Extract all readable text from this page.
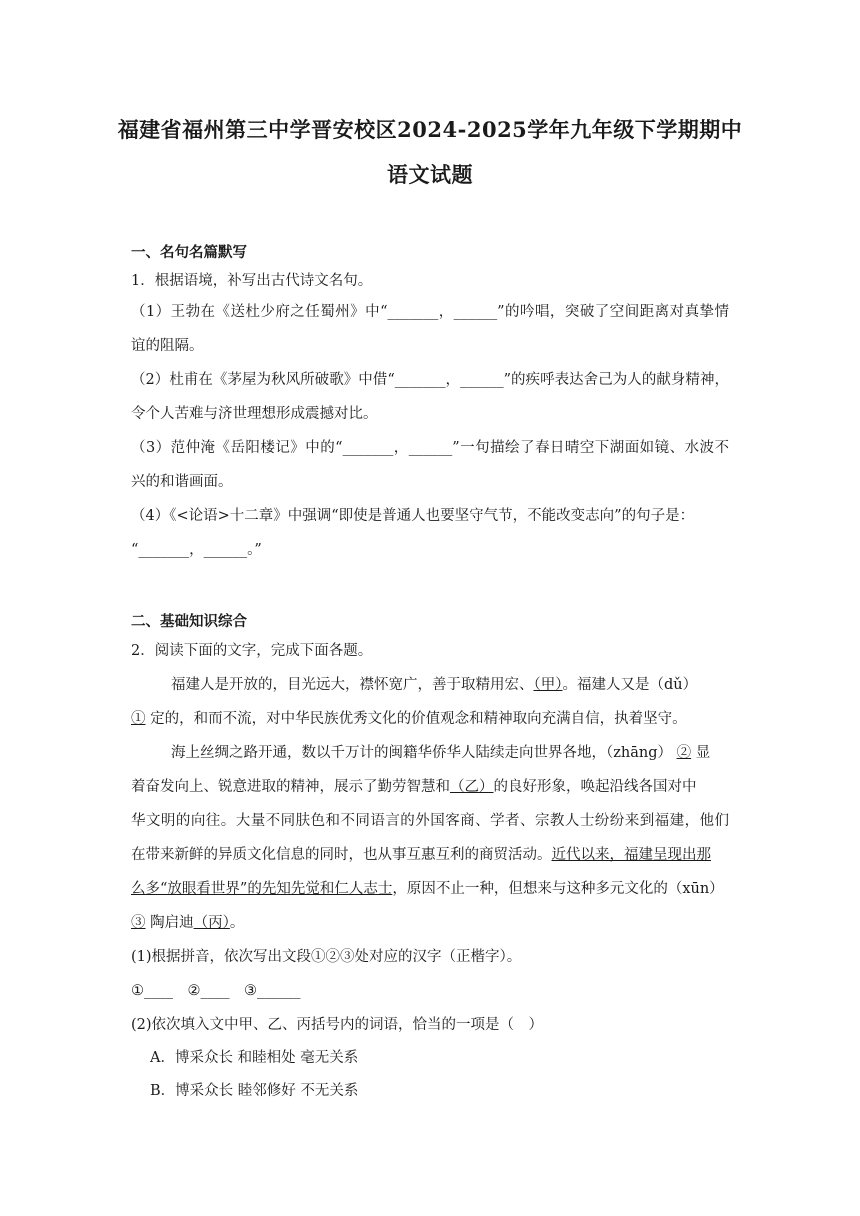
福建省福州第三中学晋安校区2024-2025学年九年级下学期期中
语文试题
一、名句名篇默写
1．根据语境，补写出古代诗文名句。
（1）王勃在《送杜少府之任蜀州》中“_______，______”的吟唱，突破了空间距离对真挚情
谊的阻隔。
（2）杜甫在《茅屋为秋风所破歌》中借“_______，______”的疾呼表达舍己为人的献身精神，
令个人苦难与济世理想形成震撼对比。
（3）范仲淹《岳阳楼记》中的“_______，______”一句描绘了春日晴空下湖面如镜、水波不
兴的和谐画面。
（4）《<论语>十二章》中强调“即使是普通人也要坚守气节，不能改变志向”的句子是：
“_______，______。”
二、基础知识综合
2．阅读下面的文字，完成下面各题。
福建人是开放的，目光远大，襟怀宽广，善于取精用宏、（甲）。福建人又是（dǔ）
① 定的，和而不流，对中华民族优秀文化的价值观念和精神取向充满自信，执着坚守。
海上丝绸之路开通，数以千万计的闽籍华侨华人陆续走向世界各地，（zhāng） ② 显
着奋发向上、锐意进取的精神，展示了勤劳智慧和（乙）的良好形象，唤起沿线各国对中
华文明的向往。大量不同肤色和不同语言的外国客商、学者、宗教人士纷纷来到福建，他们
在带来新鲜的异质文化信息的同时，也从事互惠互利的商贸活动。近代以来，福建呈现出那
么多“放眼看世界”的先知先觉和仁人志士，原因不止一种，但想来与这种多元文化的（xūn）
③ 陶启迪（丙）。
(1)根据拼音，依次写出文段①②③处对应的汉字（正楷字）。
①____　②____　③______
(2)依次填入文中甲、乙、丙括号内的词语，恰当的一项是（　）
A．博采众长 和睦相处 毫无关系
B．博采众长 睦邻修好 不无关系
